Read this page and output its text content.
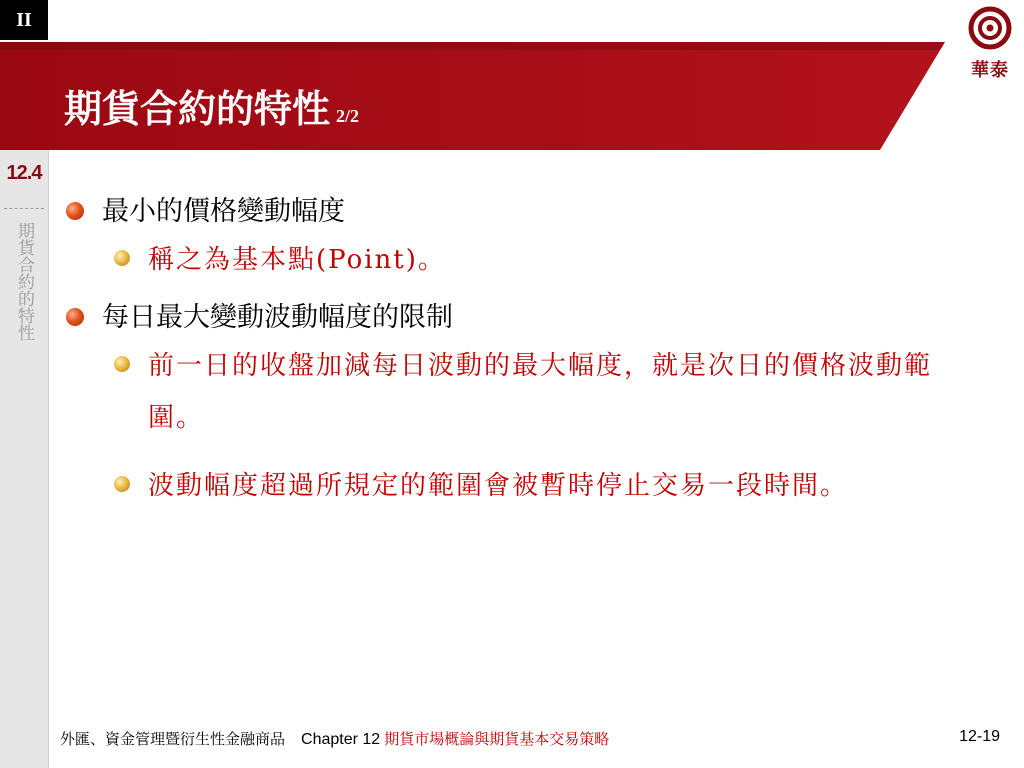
II
期貨合約的特性 2/2
華泰
12.4
期貨合約的特性
最小的價格變動幅度
稱之為基本點(Point)。
每日最大變動波動幅度的限制
前一日的收盤加減每日波動的最大幅度，就是次日的價格波動範圍。
波動幅度超過所規定的範圍會被暫時停止交易一段時間。
外匯、資金管理暨衍生性金融商品 Chapter 12 期貨市場概論與期貨基本交易策略	12-19
